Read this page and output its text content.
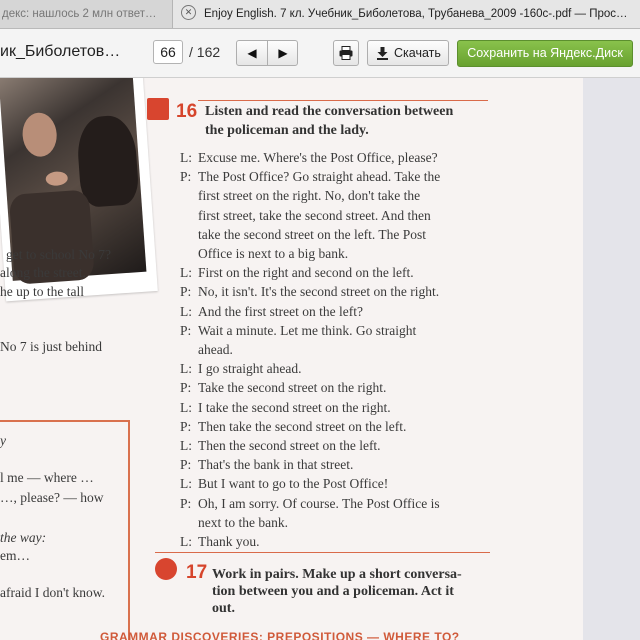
декс: нашлось 2 млн ответ…	✕ Enjoy English. 7 кл. Учебник_Биболетова, Трубанева_2009 -160c-.pdf — Прос…
ик_Биболетов…	66 / 162	◀	▶	Скачать	Сохранить на Яндекс.Диск
get to school No 7?
along the street.
he up to the tall
No 7 is just behind
y
l me — where …
…, please? — how
the way:
em…
afraid I don't know.
16 Listen and read the conversation between
the policeman and the lady.
L: Excuse me. Where's the Post Office, please?
P: The Post Office? Go straight ahead. Take the
first street on the right. No, don't take the
first street, take the second street. And then
take the second street on the left. The Post
Office is next to a big bank.
L: First on the right and second on the left.
P: No, it isn't. It's the second street on the right.
L: And the first street on the left?
P: Wait a minute. Let me think. Go straight
ahead.
L: I go straight ahead.
P: Take the second street on the right.
L: I take the second street on the right.
P: Then take the second street on the left.
L: Then the second street on the left.
P: That's the bank in that street.
L: But I want to go to the Post Office!
P: Oh, I am sorry. Of course. The Post Office is
next to the bank.
L: Thank you.
17 Work in pairs. Make up a short conversa-
tion between you and a policeman. Act it
out.
GRAMMAR DISCOVERIES: PREPOSITIONS — WHERE TO?
